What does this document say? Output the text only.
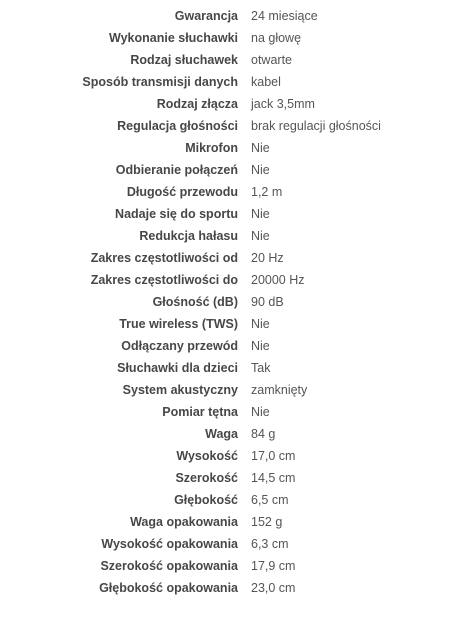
Gwarancja	24 miesiące
Wykonanie słuchawki	na głowę
Rodzaj słuchawek	otwarte
Sposób transmisji danych	kabel
Rodzaj złącza	jack 3,5mm
Regulacja głośności	brak regulacji głośności
Mikrofon	Nie
Odbieranie połączeń	Nie
Długość przewodu	1,2 m
Nadaje się do sportu	Nie
Redukcja hałasu	Nie
Zakres częstotliwości od	20 Hz
Zakres częstotliwości do	20000 Hz
Głośność (dB)	90 dB
True wireless (TWS)	Nie
Odłączany przewód	Nie
Słuchawki dla dzieci	Tak
System akustyczny	zamknięty
Pomiar tętna	Nie
Waga	84 g
Wysokość	17,0 cm
Szerokość	14,5 cm
Głębokość	6,5 cm
Waga opakowania	152 g
Wysokość opakowania	6,3 cm
Szerokość opakowania	17,9 cm
Głębokość opakowania	23,0 cm
